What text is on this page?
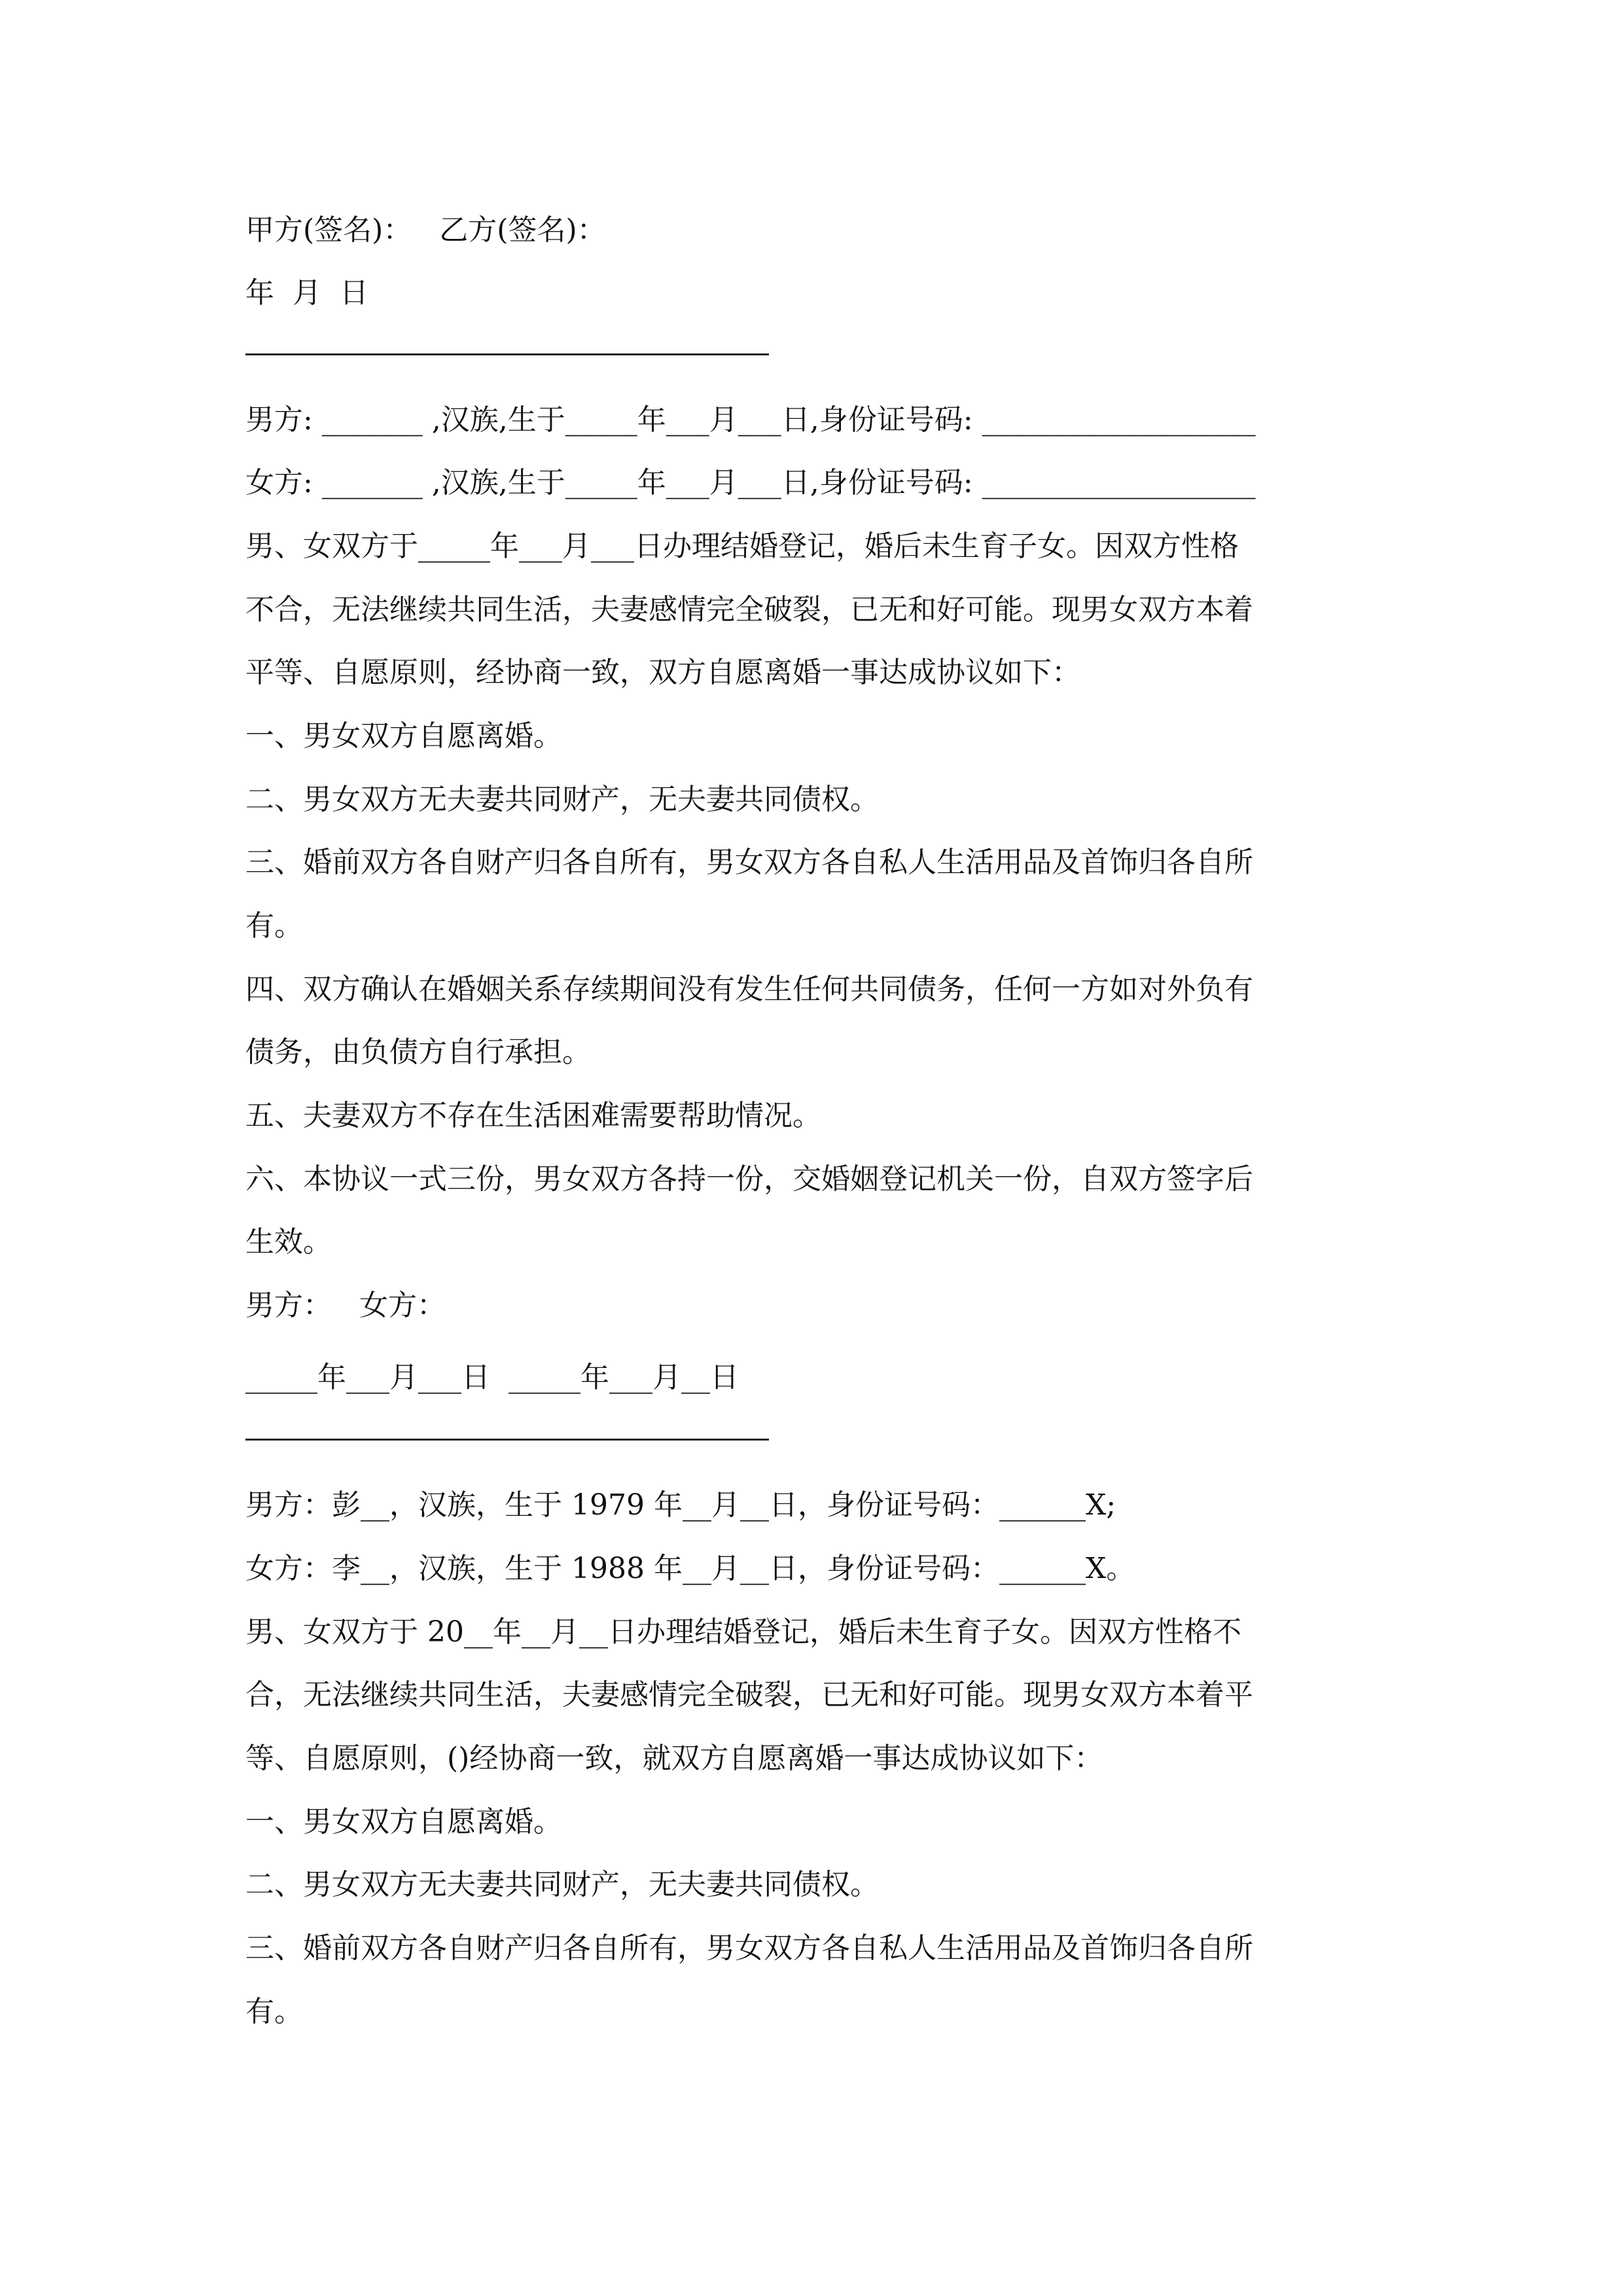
甲方(签名)：   乙方(签名)：
年  月  日
男方: _______ ,汉族,生于_____年___月___日,身份证号码: ___________________
女方: _______ ,汉族,生于_____年___月___日,身份证号码: ___________________
男、女双方于_____年___月___日办理结婚登记，婚后未生育子女。因双方性格
不合，无法继续共同生活，夫妻感情完全破裂，已无和好可能。现男女双方本着
平等、自愿原则，经协商一致，双方自愿离婚一事达成协议如下：
一、男女双方自愿离婚。
二、男女双方无夫妻共同财产，无夫妻共同债权。
三、婚前双方各自财产归各自所有，男女双方各自私人生活用品及首饰归各自所
有。
四、双方确认在婚姻关系存续期间没有发生任何共同债务，任何一方如对外负有
债务，由负债方自行承担。
五、夫妻双方不存在生活困难需要帮助情况。
六、本协议一式三份，男女双方各持一份，交婚姻登记机关一份，自双方签字后
生效。
男方：   女方：
_____年___月___日  _____年___月__日
男方：彭__，汉族，生于 1979 年__月__日，身份证号码：______X;
女方：李__，汉族，生于 1988 年__月__日，身份证号码：______X。
男、女双方于 20__年__月__日办理结婚登记，婚后未生育子女。因双方性格不
合，无法继续共同生活，夫妻感情完全破裂，已无和好可能。现男女双方本着平
等、自愿原则，()经协商一致，就双方自愿离婚一事达成协议如下：
一、男女双方自愿离婚。
二、男女双方无夫妻共同财产，无夫妻共同债权。
三、婚前双方各自财产归各自所有，男女双方各自私人生活用品及首饰归各自所
有。
